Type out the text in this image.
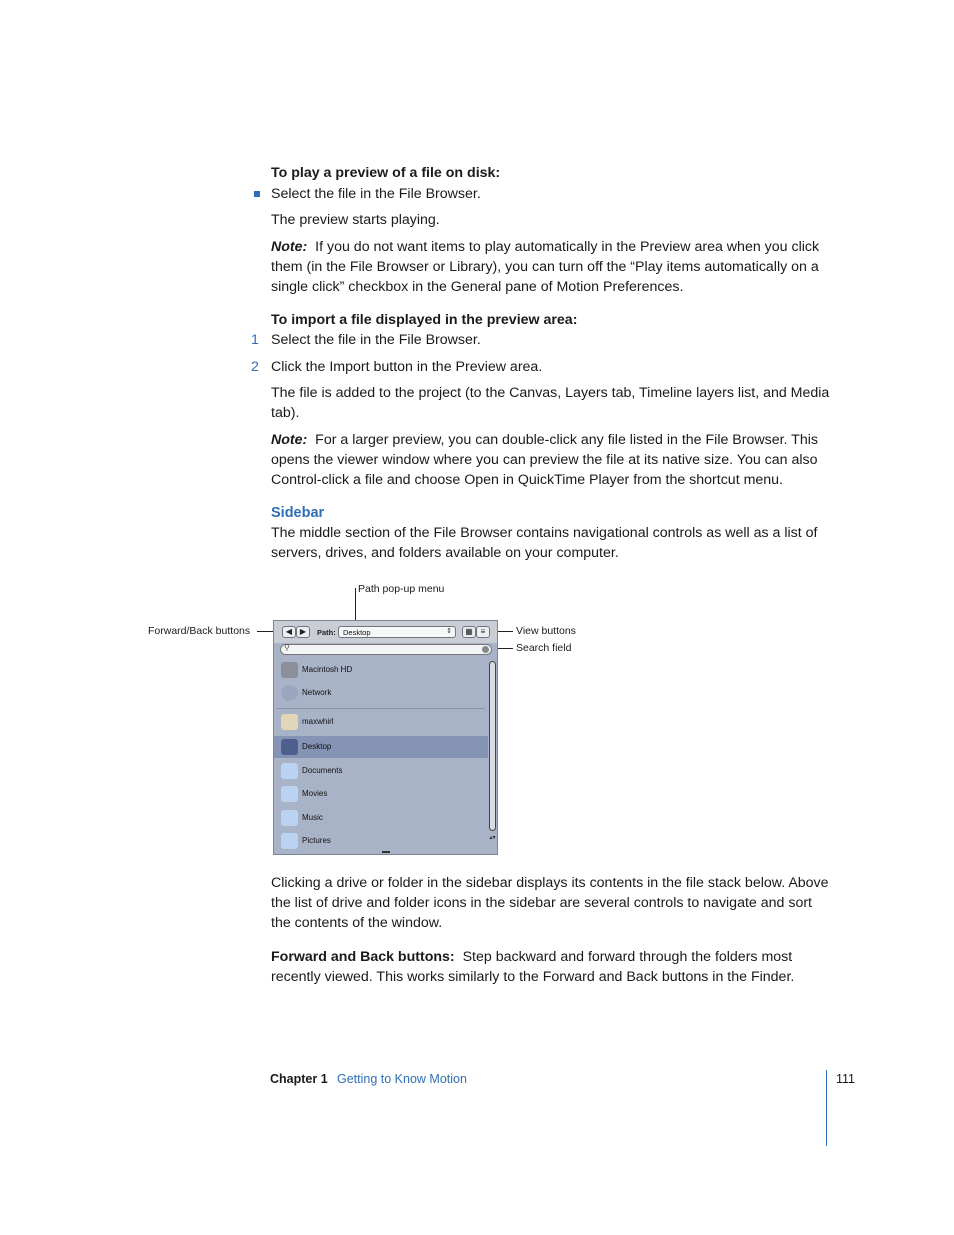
To play a preview of a file on disk:
Select the file in the File Browser.
The preview starts playing.
Note: If you do not want items to play automatically in the Preview area when you click them (in the File Browser or Library), you can turn off the “Play items automatically on a single click” checkbox in the General pane of Motion Preferences.
To import a file displayed in the preview area:
1 Select the file in the File Browser.
2 Click the Import button in the Preview area.
The file is added to the project (to the Canvas, Layers tab, Timeline layers list, and Media tab).
Note: For a larger preview, you can double-click any file listed in the File Browser. This opens the viewer window where you can preview the file at its native size. You can also Control-click a file and choose Open in QuickTime Player from the shortcut menu.
Sidebar
The middle section of the File Browser contains navigational controls as well as a list of servers, drives, and folders available on your computer.
Path pop-up menu
Forward/Back buttons	View buttons
Search field
◀ ▶	Path: Desktop	⇕	▦ ≡
⚲
Macintosh HD
Network
maxwhirl
Desktop
Documents
Movies
Music
Pictures	▴▾
Clicking a drive or folder in the sidebar displays its contents in the file stack below. Above the list of drive and folder icons in the sidebar are several controls to navigate and sort the contents of the window.
Forward and Back buttons: Step backward and forward through the folders most recently viewed. This works similarly to the Forward and Back buttons in the Finder.
Chapter 1 Getting to Know Motion	111
